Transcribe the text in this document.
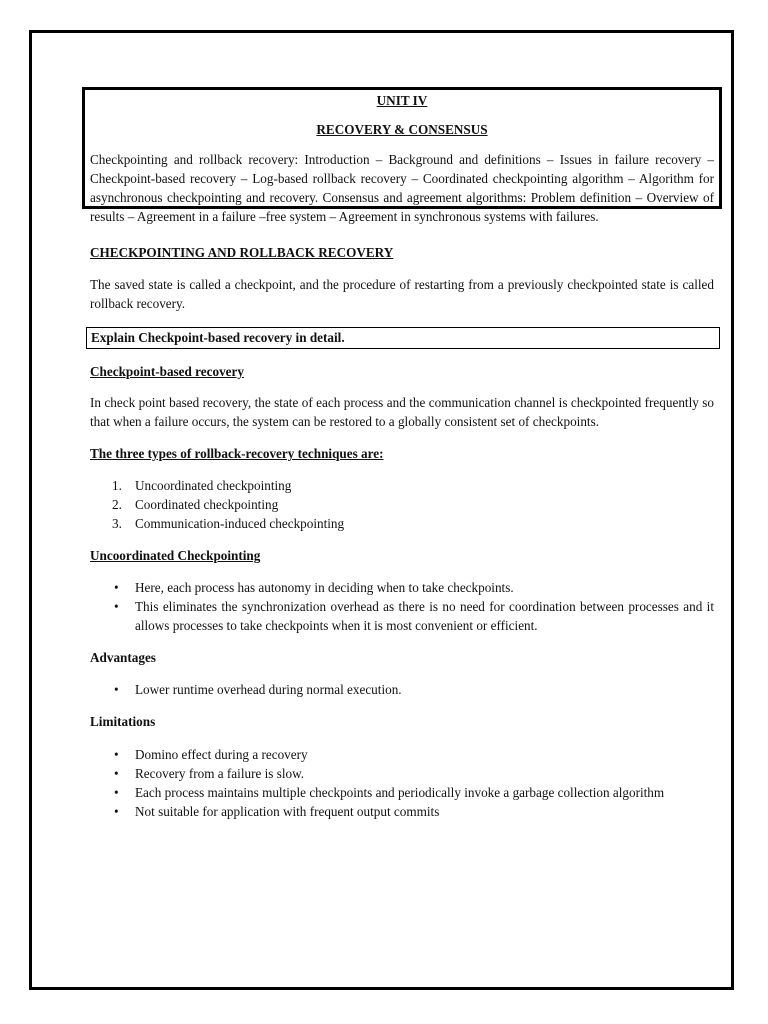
UNIT IV

RECOVERY & CONSENSUS

Checkpointing and rollback recovery: Introduction – Background and definitions – Issues in failure recovery – Checkpoint-based recovery – Log-based rollback recovery – Coordinated checkpointing algorithm – Algorithm for asynchronous checkpointing and recovery. Consensus and agreement algorithms: Problem definition – Overview of results – Agreement in a failure –free system – Agreement in synchronous systems with failures.

CHECKPOINTING AND ROLLBACK RECOVERY

The saved state is called a checkpoint, and the procedure of restarting from a previously checkpointed state is called rollback recovery.

Explain Checkpoint-based recovery in detail.

Checkpoint-based recovery

In check point based recovery, the state of each process and the communication channel is checkpointed frequently so that when a failure occurs, the system can be restored to a globally consistent set of checkpoints.

The three types of rollback-recovery techniques are:

1. Uncoordinated checkpointing
2. Coordinated checkpointing
3. Communication-induced checkpointing

Uncoordinated Checkpointing

• Here, each process has autonomy in deciding when to take checkpoints.
• This eliminates the synchronization overhead as there is no need for coordination between processes and it allows processes to take checkpoints when it is most convenient or efficient.

Advantages

• Lower runtime overhead during normal execution.

Limitations

• Domino effect during a recovery
• Recovery from a failure is slow.
• Each process maintains multiple checkpoints and periodically invoke a garbage collection algorithm
• Not suitable for application with frequent output commits
